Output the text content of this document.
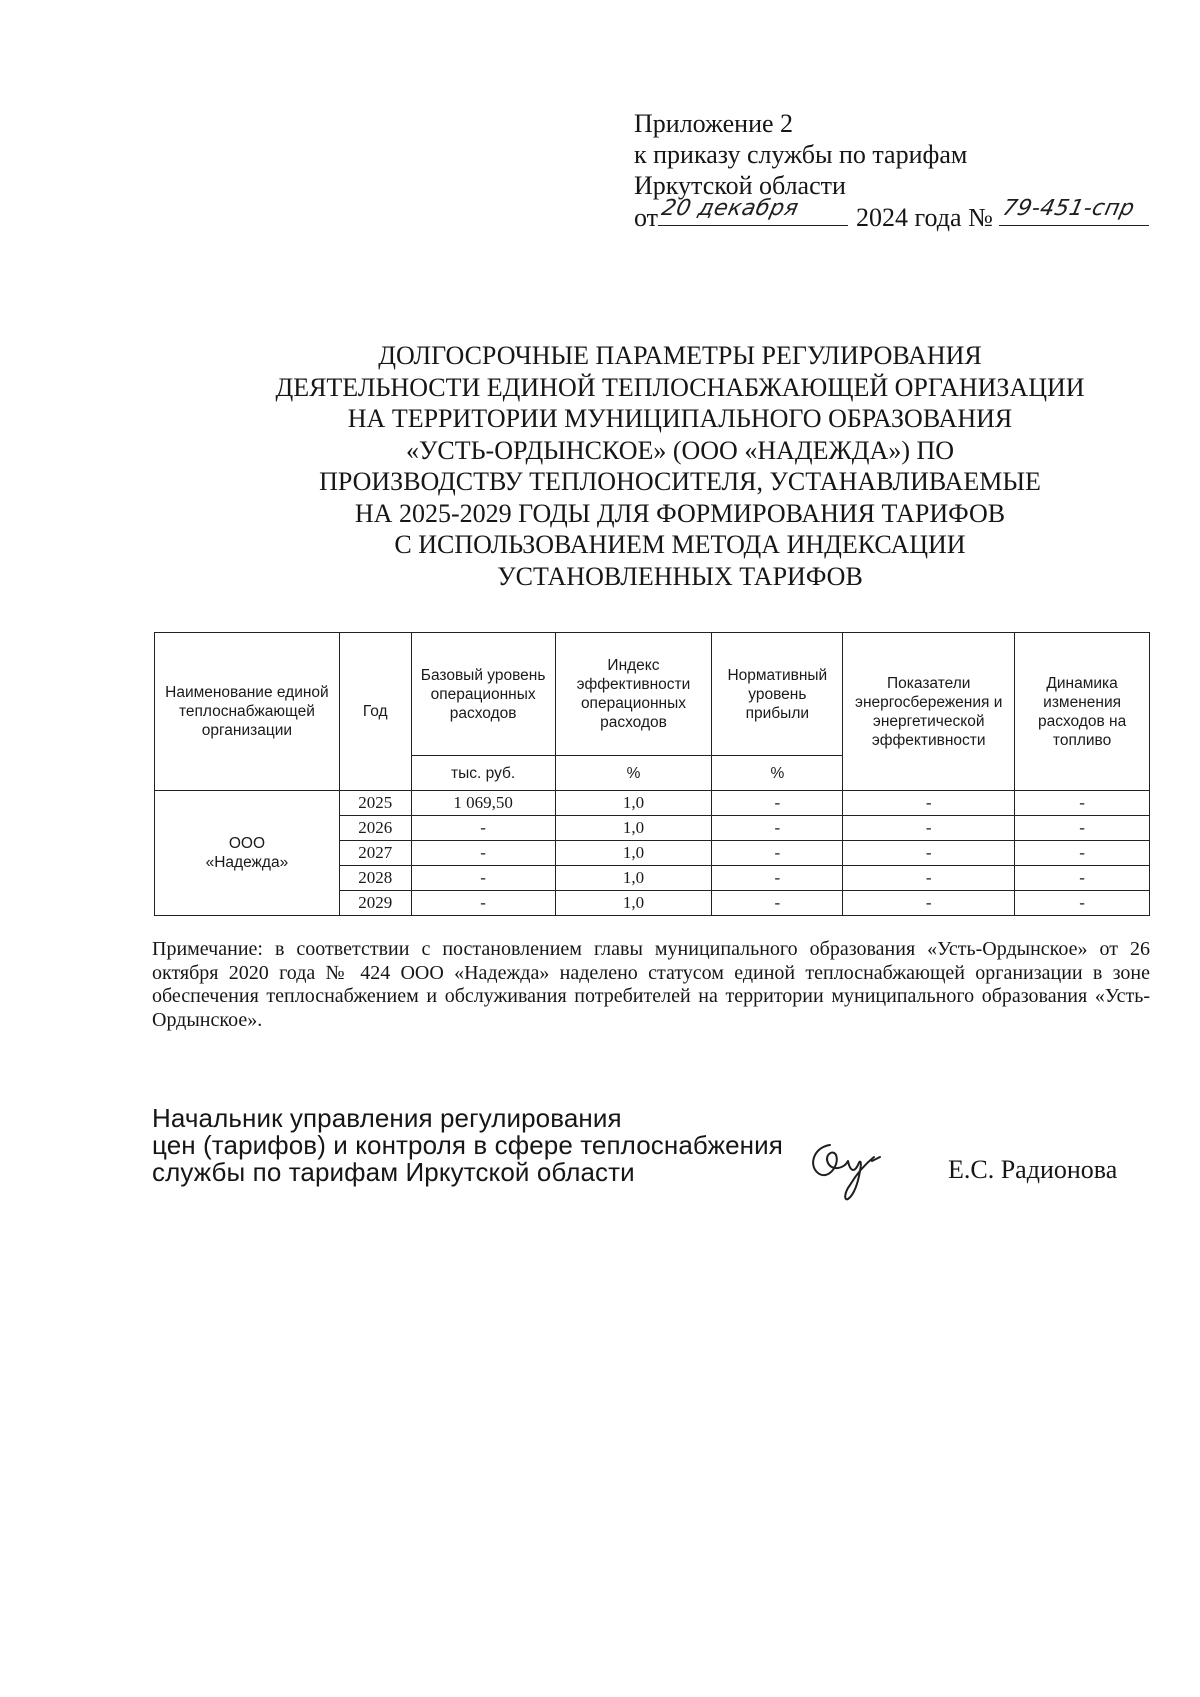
Приложение 2
к приказу службы по тарифам
Иркутской области
от 20 декабря 2024 года № 79-451-спр
ДОЛГОСРОЧНЫЕ ПАРАМЕТРЫ РЕГУЛИРОВАНИЯ
ДЕЯТЕЛЬНОСТИ ЕДИНОЙ ТЕПЛОСНАБЖАЮЩЕЙ ОРГАНИЗАЦИИ
НА ТЕРРИТОРИИ МУНИЦИПАЛЬНОГО ОБРАЗОВАНИЯ
«УСТЬ-ОРДЫНСКОЕ» (ООО «НАДЕЖДА») ПО
ПРОИЗВОДСТВУ ТЕПЛОНОСИТЕЛЯ, УСТАНАВЛИВАЕМЫЕ
НА 2025-2029 ГОДЫ ДЛЯ ФОРМИРОВАНИЯ ТАРИФОВ
С ИСПОЛЬЗОВАНИЕМ МЕТОДА ИНДЕКСАЦИИ
УСТАНОВЛЕННЫХ ТАРИФОВ
Наименование единой теплоснабжающей организации	Год	Базовый уровень операционных расходов	Индекс эффективности операционных расходов	Нормативный уровень прибыли	Показатели энергосбережения и энергетической эффективности	Динамика изменения расходов на топливо
		тыс. руб.	%	%		

ООО
«Надежда»	2025	1 069,50	1,0	-	-	-
	2026	-	1,0	-	-	-
	2027	-	1,0	-	-	-
	2028	-	1,0	-	-	-
	2029	-	1,0	-	-	-
Примечание: в соответствии с постановлением главы муниципального образования «Усть-Ордынское» от 26 октября 2020 года № 424 ООО «Надежда» наделено статусом единой теплоснабжающей организации в зоне обеспечения теплоснабжением и обслуживания потребителей на территории муниципального образования «Усть-Ордынское».
Начальник управления регулирования
цен (тарифов) и контроля в сфере теплоснабжения
службы по тарифам Иркутской области	Е.С. Радионова
